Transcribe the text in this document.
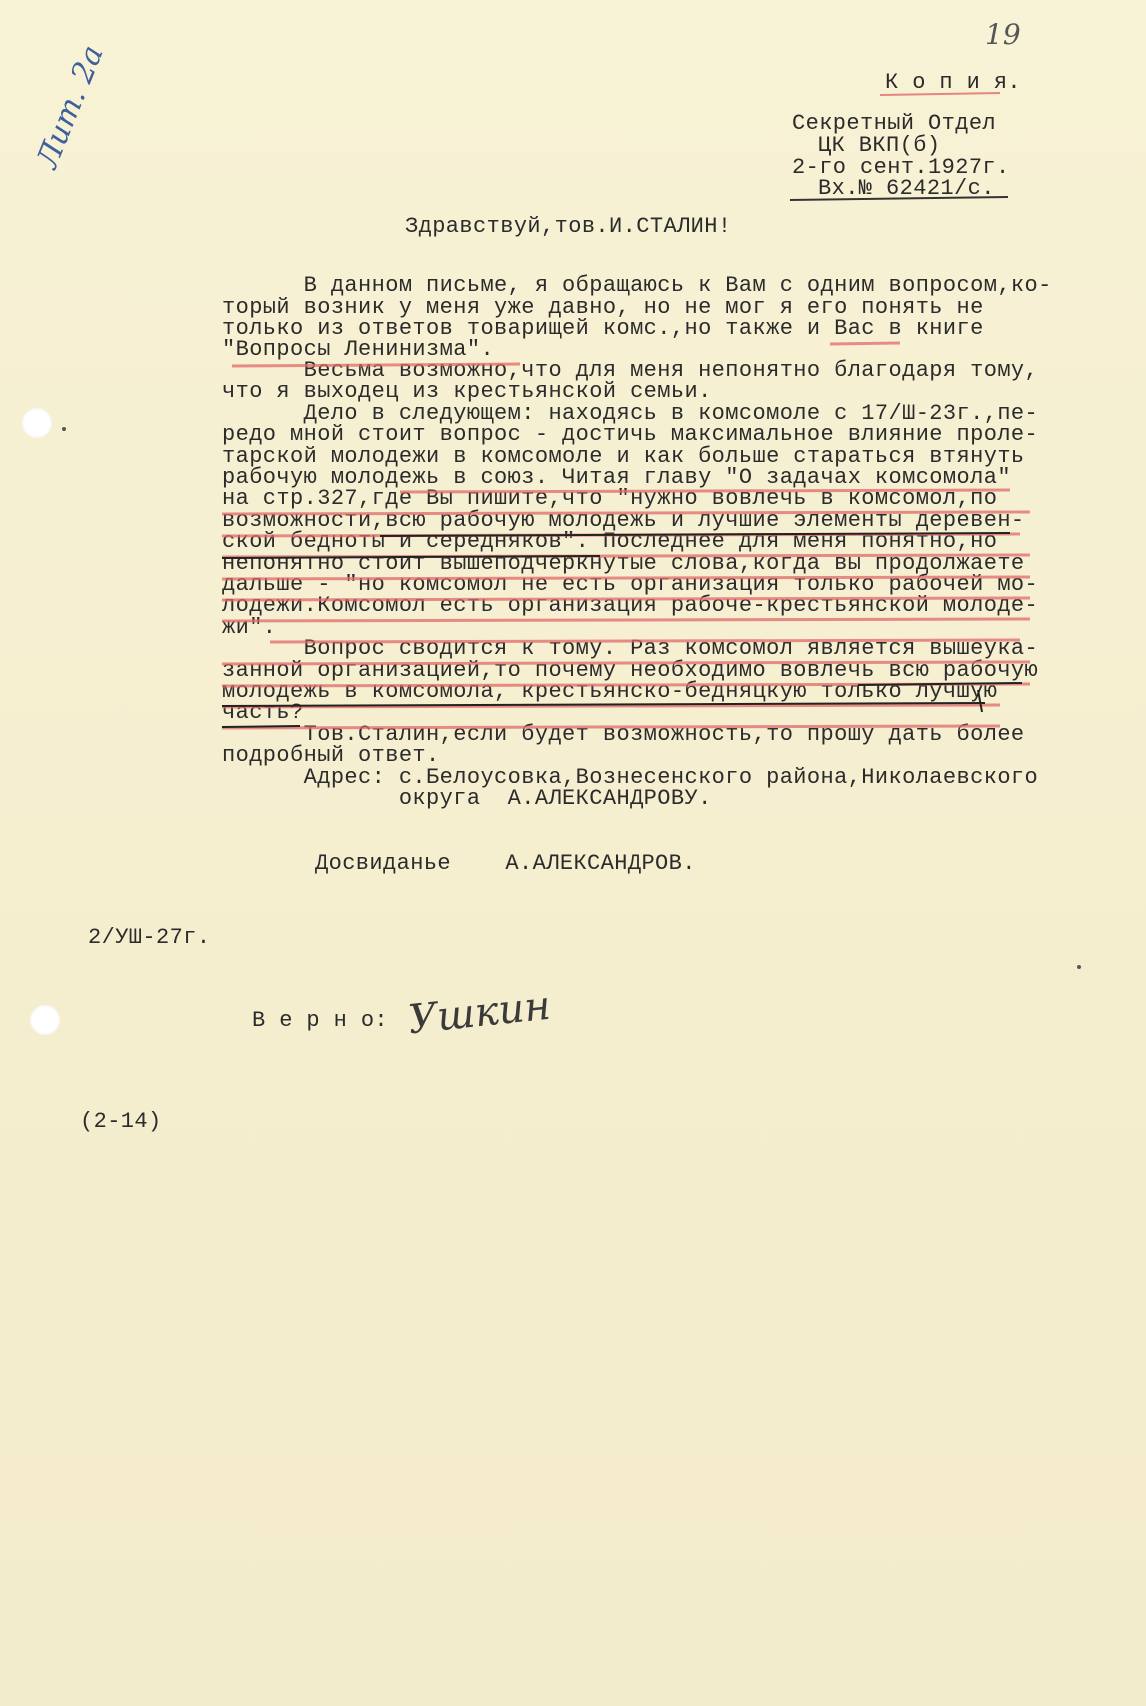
19
Лит. 2а	К о п и я.
Секретный Отдел
ЦК ВКП(б)
2-го сент.1927г.
Вх.№ 62421/с.
Здравствуй,тов.И.СТАЛИН!
В данном письме, я обращаюсь к Вам с одним вопросом,ко-
торый возник у меня уже давно, но не мог я его понять не
только из ответов товарищей комс.,но также и Вас в книге
"Вопросы Ленинизма".
Весьма возможно,что для меня непонятно благодаря тому,
что я выходец из крестьянской семьи.
Дело в следующем: находясь в комсомоле с 17/Ш-23г.,пе-
редо мной стоит вопрос - достичь максимальное влияние проле-
тарской молодежи в комсомоле и как больше стараться втянуть
рабочую молодежь в союз. Читая главу "О задачах комсомола"
на стр.327,где Вы пишите,что "нужно вовлечь в комсомол,по
возможности,всю рабочую молодежь и лучшие элементы деревен-
ской бедноты и середняков". Последнее для меня понятно,но
непонятно стоит вышеподчеркнутые слова,когда вы продолжаете
дальше - "но комсомол не есть организация только рабочей мо-
лодежи.Комсомол есть организация рабоче-крестьянской молоде-
жи".
Вопрос сводится к тому. Раз комсомол является вышеука-
занной организацией,то почему необходимо вовлечь всю рабочую
молодежь в комсомола, крестьянско-бедняцкую только лучшую
часть?
Тов.Сталин,если будет возможность,то прошу дать более
подробный ответ.
Адрес: с.Белоусовка,Вознесенского района,Николаевского
округа  А.АЛЕКСАНДРОВУ.
Досвиданье    А.АЛЕКСАНДРОВ.
2/УШ-27г.
В е р н о: Ушкин
(2-14)
